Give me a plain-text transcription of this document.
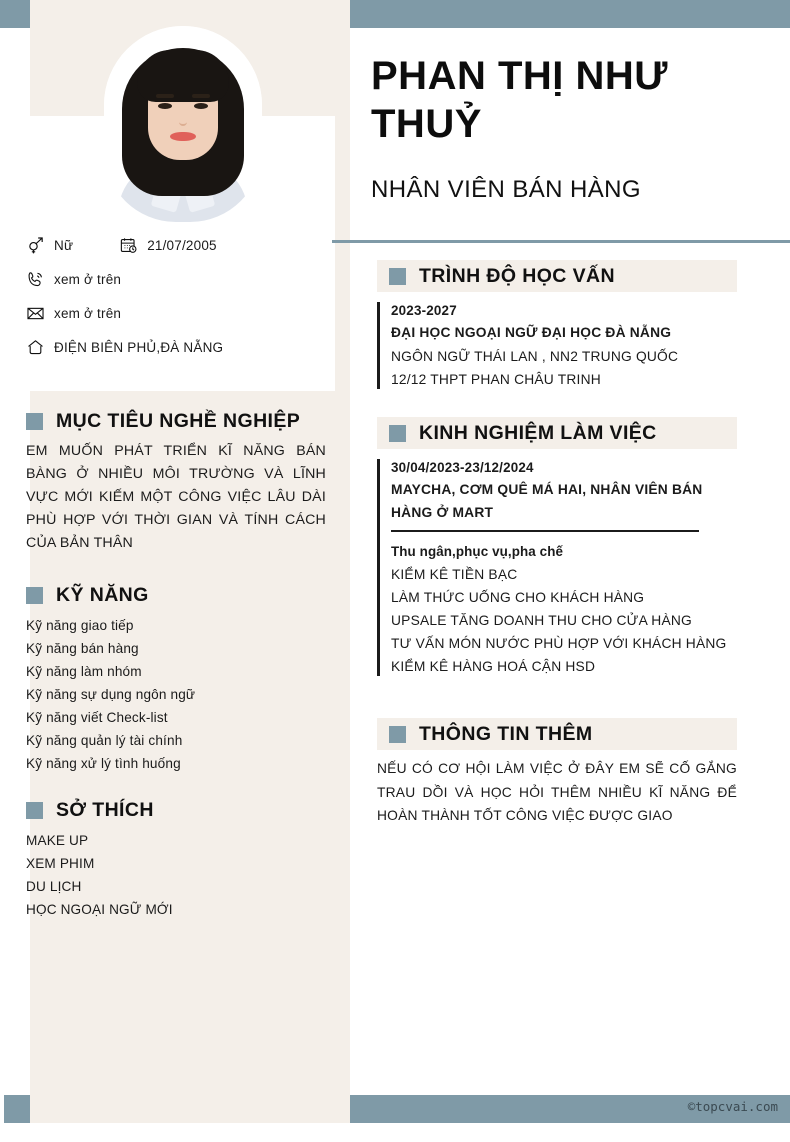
Nữ	21/07/2005
xem ở trên
xem ở trên
ĐIỆN BIÊN PHỦ,ĐÀ NẴNG
MỤC TIÊU NGHỀ NGHIỆP
EM MUỐN PHÁT TRIỂN KĨ NĂNG BÁN BÀNG Ở NHIỀU MÔI TRƯỜNG VÀ LĨNH VỰC MỚI KIẾM MỘT CÔNG VIỆC LÂU DÀI PHÙ HỢP VỚI THỜI GIAN VÀ TÍNH CÁCH CỦA BẢN THÂN
KỸ NĂNG
Kỹ năng giao tiếp
Kỹ năng bán hàng
Kỹ năng làm nhóm
Kỹ năng sự dụng ngôn ngữ
Kỹ năng viết Check-list
Kỹ năng quản lý tài chính
Kỹ năng xử lý tình huống
SỞ THÍCH
MAKE UP
XEM PHIM
DU LỊCH
HỌC NGOẠI NGỮ MỚI
PHAN THỊ NHƯ THUỶ
NHÂN VIÊN BÁN HÀNG
TRÌNH ĐỘ HỌC VẤN
2023-2027
ĐẠI HỌC NGOẠI NGỮ ĐẠI HỌC ĐÀ NẴNG
NGÔN NGỮ THÁI LAN , NN2 TRUNG QUỐC
12/12 THPT PHAN CHÂU TRINH
KINH NGHIỆM LÀM VIỆC
30/04/2023-23/12/2024
MAYCHA, CƠM QUÊ MÁ HAI, NHÂN VIÊN BÁN HÀNG Ở MART
Thu ngân,phục vụ,pha chế
KIỂM KÊ TIỀN BẠC
LÀM THỨC UỐNG CHO KHÁCH HÀNG
UPSALE TĂNG DOANH THU CHO CỬA HÀNG
TƯ VẤN MÓN NƯỚC PHÙ HỢP VỚI KHÁCH HÀNG
KIỂM KÊ HÀNG HOÁ CẬN HSD
THÔNG TIN THÊM
NẾU CÓ CƠ HỘI LÀM VIỆC Ở ĐÂY EM SẼ CỐ GẮNG TRAU DỒI VÀ HỌC HỎI THÊM NHIỀU KĨ NĂNG ĐỂ HOÀN THÀNH TỐT CÔNG VIỆC ĐƯỢC GIAO
©topcvai.com
